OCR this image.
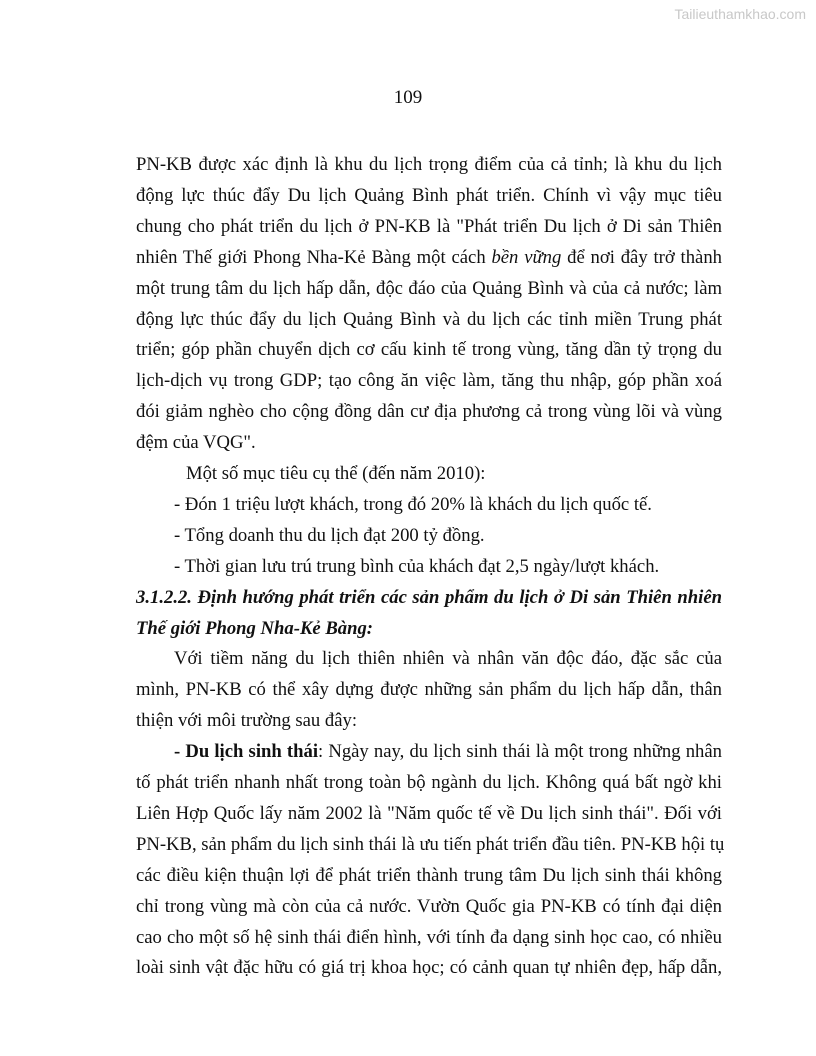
Tailieuthamkhao.com
109
PN-KB được xác định là khu du lịch trọng điểm của cả tỉnh; là khu du lịch
động lực thúc đẩy Du lịch Quảng Bình phát triển. Chính vì vậy mục tiêu
chung cho phát triển du lịch ở PN-KB là "Phát triển Du lịch ở Di sản Thiên
nhiên Thế giới Phong Nha-Kẻ Bàng một cách bền vững để nơi đây trở thành
một trung tâm du lịch hấp dẫn, độc đáo của Quảng Bình và của cả nước; làm
động lực thúc đẩy du lịch Quảng Bình và du lịch các tỉnh miền Trung phát
triển; góp phần chuyển dịch cơ cấu kinh tế trong vùng, tăng dần tỷ trọng du
lịch-dịch vụ trong GDP; tạo công ăn việc làm, tăng thu nhập, góp phần xoá
đói giảm nghèo cho cộng đồng dân cư địa phương cả trong vùng lõi và vùng
đệm của VQG".
Một số mục tiêu cụ thể (đến năm 2010):
- Đón 1 triệu lượt khách, trong đó 20% là khách du lịch quốc tế.
- Tổng doanh thu du lịch đạt 200 tỷ đồng.
- Thời gian lưu trú trung bình của khách đạt 2,5 ngày/lượt khách.
3.1.2.2. Định hướng phát triển các sản phẩm du lịch ở Di sản Thiên nhiên
Thế giới Phong Nha-Kẻ Bàng:
Với tiềm năng du lịch thiên nhiên và nhân văn độc đáo, đặc sắc của
mình, PN-KB có thể xây dựng được những sản phẩm du lịch hấp dẫn, thân
thiện với môi trường sau đây:
- Du lịch sinh thái: Ngày nay, du lịch sinh thái là một trong những nhân
tố phát triển nhanh nhất trong toàn bộ ngành du lịch. Không quá bất ngờ khi
Liên Hợp Quốc lấy năm 2002 là "Năm quốc tế về Du lịch sinh thái". Đối với
PN-KB, sản phẩm du lịch sinh thái là ưu tiến phát triển đầu tiên. PN-KB hội tụ
các điều kiện thuận lợi để phát triển thành trung tâm Du lịch sinh thái không
chỉ trong vùng mà còn của cả nước. Vườn Quốc gia PN-KB có tính đại diện
cao cho một số hệ sinh thái điển hình, với tính đa dạng sinh học cao, có nhiều
loài sinh vật đặc hữu có giá trị khoa học; có cảnh quan tự nhiên đẹp, hấp dẫn,
